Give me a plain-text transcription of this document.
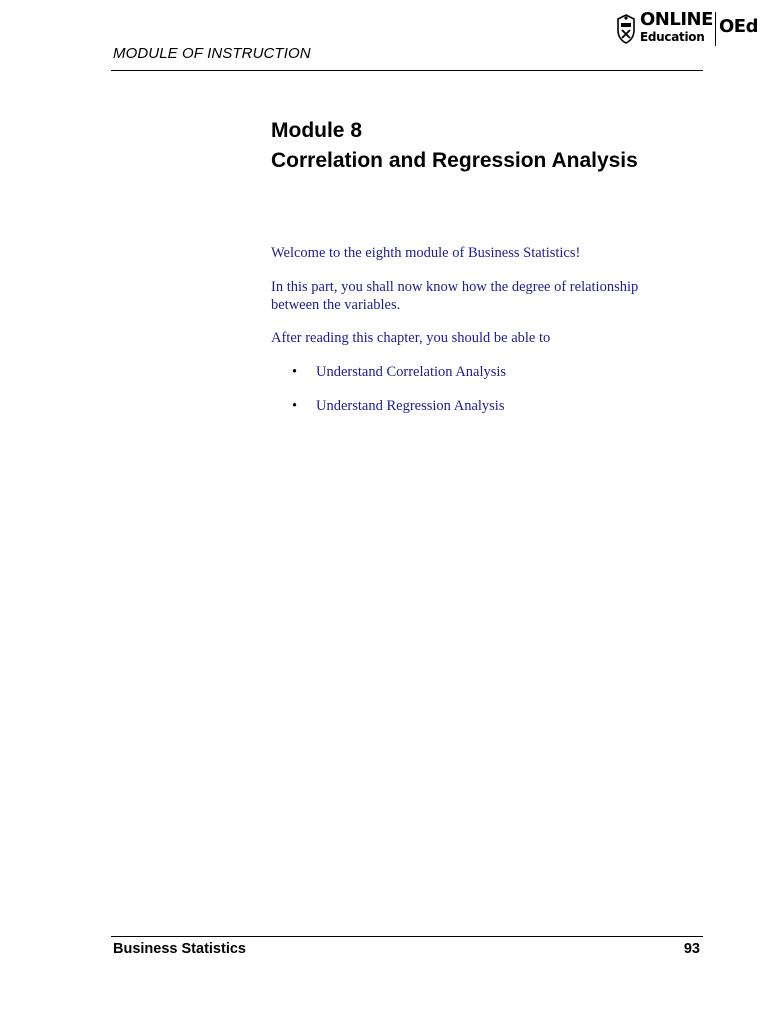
MODULE OF INSTRUCTION
ONLINE
Education OEd
Module 8
Correlation and Regression Analysis

Welcome to the eighth module of Business Statistics!

In this part, you shall now know how the degree of relationship between the variables.

After reading this chapter, you should be able to

• Understand Correlation Analysis
• Understand Regression Analysis
Business Statistics	93
